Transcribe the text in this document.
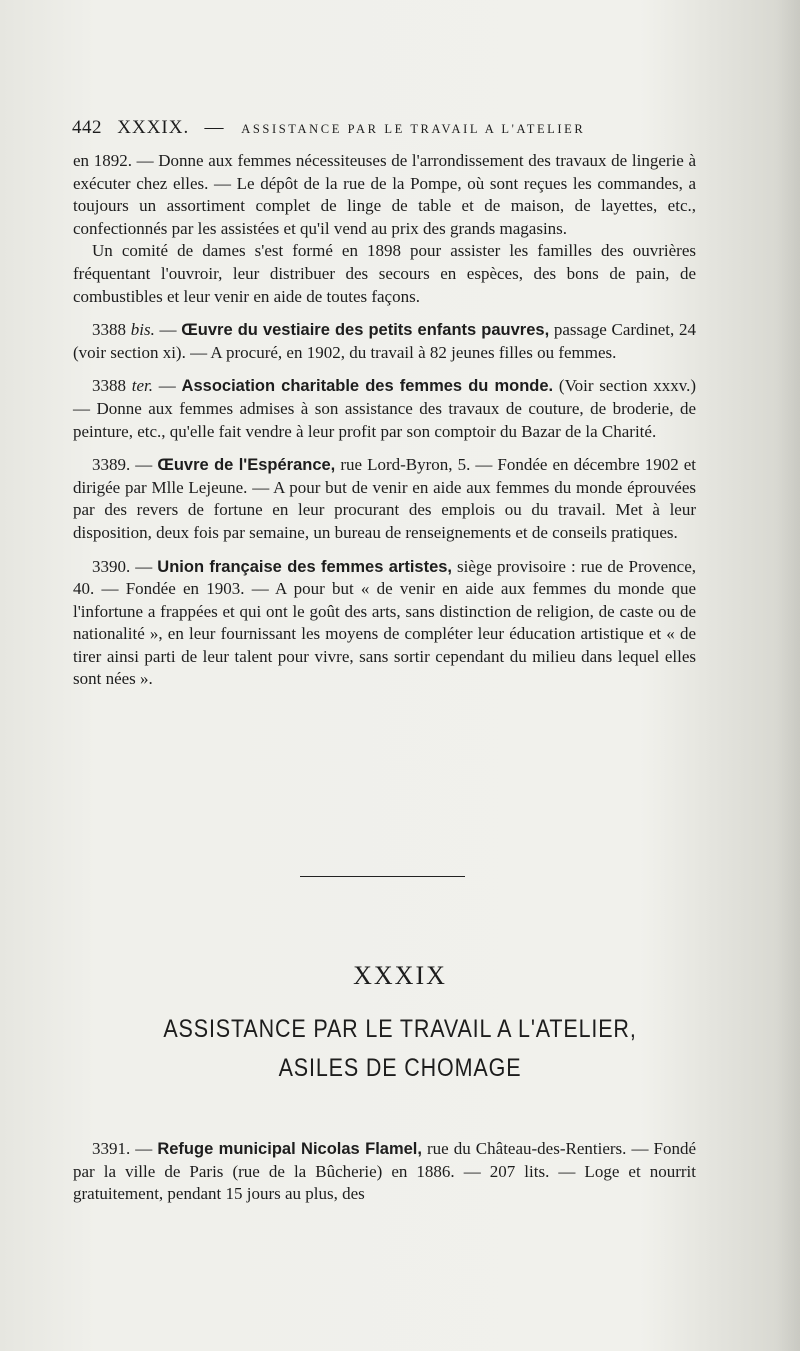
442 XXXIX. — ASSISTANCE PAR LE TRAVAIL A L'ATELIER

en 1892. — Donne aux femmes nécessiteuses de l'arrondissement des travaux de lingerie à exécuter chez elles. — Le dépôt de la rue de la Pompe, où sont reçues les commandes, a toujours un assortiment complet de linge de table et de maison, de layettes, etc., confectionnés par les assistées et qu'il vend au prix des grands magasins.

Un comité de dames s'est formé en 1898 pour assister les familles des ouvrières fréquentant l'ouvroir, leur distribuer des secours en espèces, des bons de pain, de combustibles et leur venir en aide de toutes façons.

3388 bis. — Œuvre du vestiaire des petits enfants pauvres, passage Cardinet, 24 (voir section xi). — A procuré, en 1902, du travail à 82 jeunes filles ou femmes.

3388 ter. — Association charitable des femmes du monde. (Voir section xxxv.) — Donne aux femmes admises à son assistance des travaux de couture, de broderie, de peinture, etc., qu'elle fait vendre à leur profit par son comptoir du Bazar de la Charité.

3389. — Œuvre de l'Espérance, rue Lord-Byron, 5. — Fondée en décembre 1902 et dirigée par Mlle Lejeune. — A pour but de venir en aide aux femmes du monde éprouvées par des revers de fortune en leur procurant des emplois ou du travail. Met à leur disposition, deux fois par semaine, un bureau de renseignements et de conseils pratiques.

3390. — Union française des femmes artistes, siège provisoire : rue de Provence, 40. — Fondée en 1903. — A pour but « de venir en aide aux femmes du monde que l'infortune a frappées et qui ont le goût des arts, sans distinction de religion, de caste ou de nationalité », en leur fournissant les moyens de compléter leur éducation artistique et « de tirer ainsi parti de leur talent pour vivre, sans sortir cependant du milieu dans lequel elles sont nées ».

XXXIX
ASSISTANCE PAR LE TRAVAIL A L'ATELIER,
ASILES DE CHOMAGE

3391. — Refuge municipal Nicolas Flamel, rue du Château-des-Rentiers. — Fondé par la ville de Paris (rue de la Bûcherie) en 1886. — 207 lits. — Loge et nourrit gratuitement, pendant 15 jours au plus, des
